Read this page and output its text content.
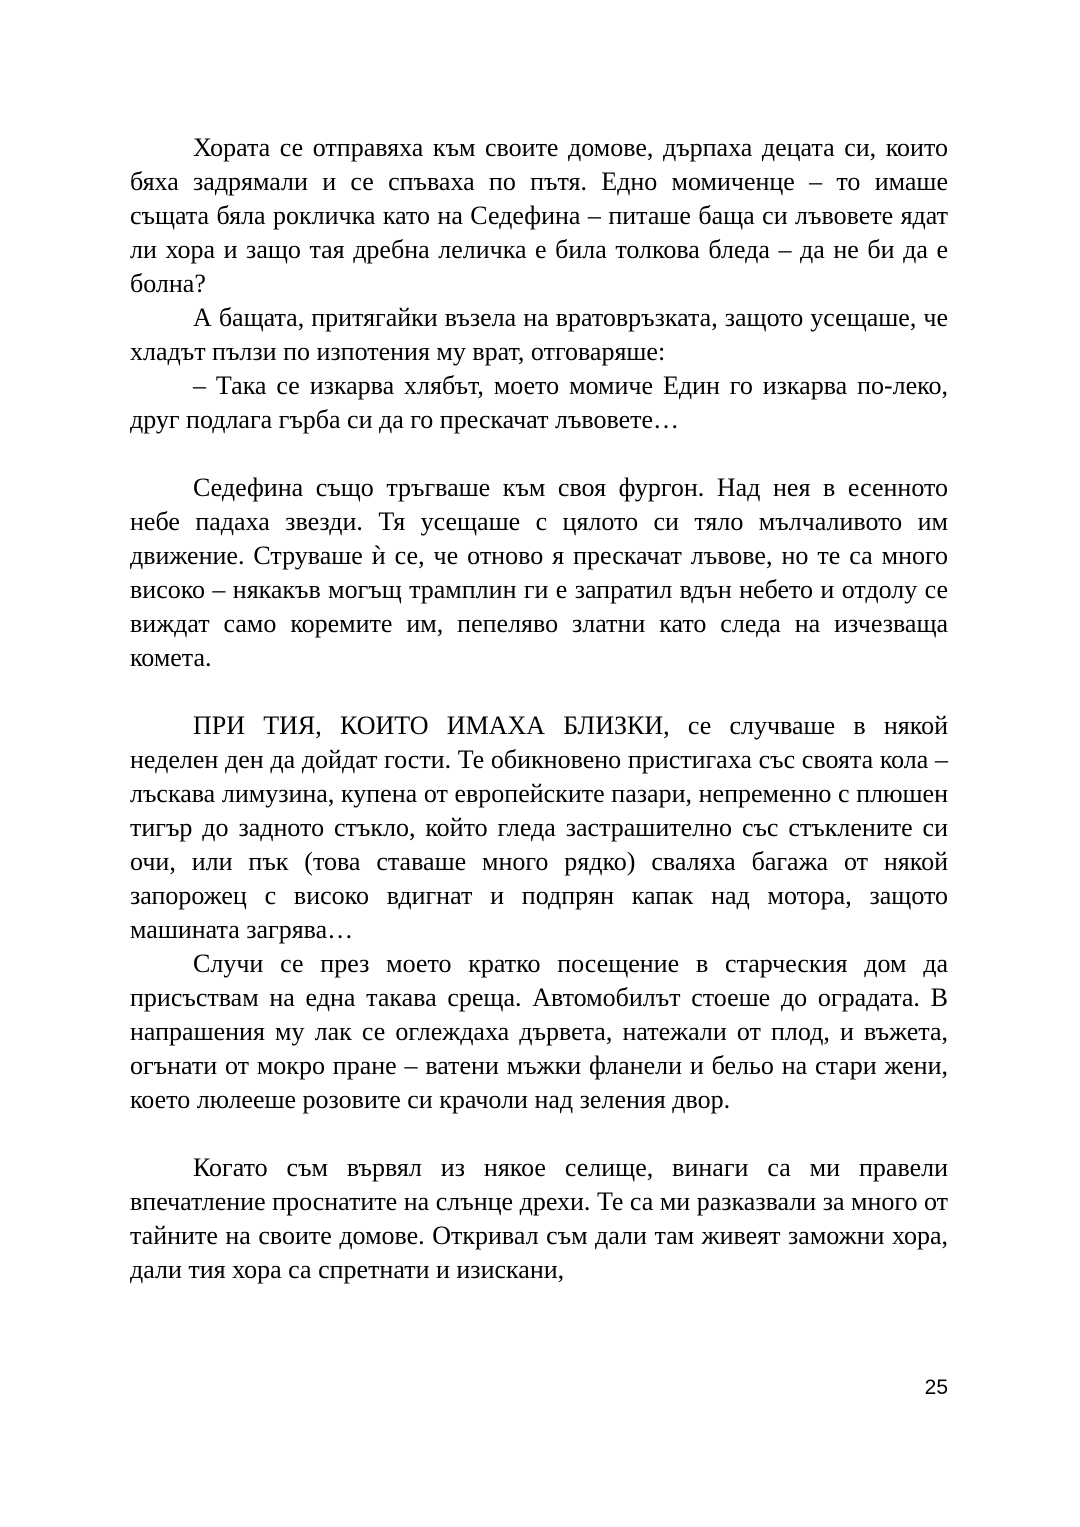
Хората се отправяха към своите домове, дърпаха децата си, които бяха задрямали и се спъваха по пътя. Едно момиченце – то имаше същата бяла рокличка като на Седефина – питаше баща си лъвовете ядат ли хора и защо тая дребна леличка е била толкова бледа – да не би да е болна?

А бащата, притягайки възела на вратовръзката, защото усещаше, че хладът пълзи по изпотения му врат, отговаряше:

– Така се изкарва хлябът, моето момиче Един го изкарва по-леко, друг подлага гърба си да го прескачат лъвовете…

Седефина също тръгваше към своя фургон. Над нея в есенното небе падаха звезди. Тя усещаше с цялото си тяло мълчаливото им движение. Струваше ѝ се, че отново я прескачат лъвове, но те са много високо – някакъв могъщ трамплин ги е запратил вдън небето и отдолу се виждат само коремите им, пепеляво златни като следа на изчезваща комета.

ПРИ ТИЯ, КОИТО ИМАХА БЛИЗКИ, се случваше в някой неделен ден да дойдат гости. Те обикновено пристигаха със своята кола – лъскава лимузина, купена от европейските пазари, непременно с плюшен тигър до задното стъкло, който гледа застрашително със стъклените си очи, или пък (това ставаше много рядко) сваляха багажа от някой запорожец с високо вдигнат и подпрян капак над мотора, защото машината загрява…

Случи се през моето кратко посещение в старческия дом да присъствам на една такава среща. Автомобилът стоеше до оградата. В напрашения му лак се оглеждаха дървета, натежали от плод, и въжета, огънати от мокро пране – ватени мъжки фланели и бельо на стари жени, което люлееше розовите си крачоли над зеления двор.

Когато съм вървял из някое селище, винаги са ми правели впечатление проснатите на слънце дрехи. Те са ми разказвали за много от тайните на своите домове. Откривал съм дали там живеят заможни хора, дали тия хора са спретнати и изискани,

25
